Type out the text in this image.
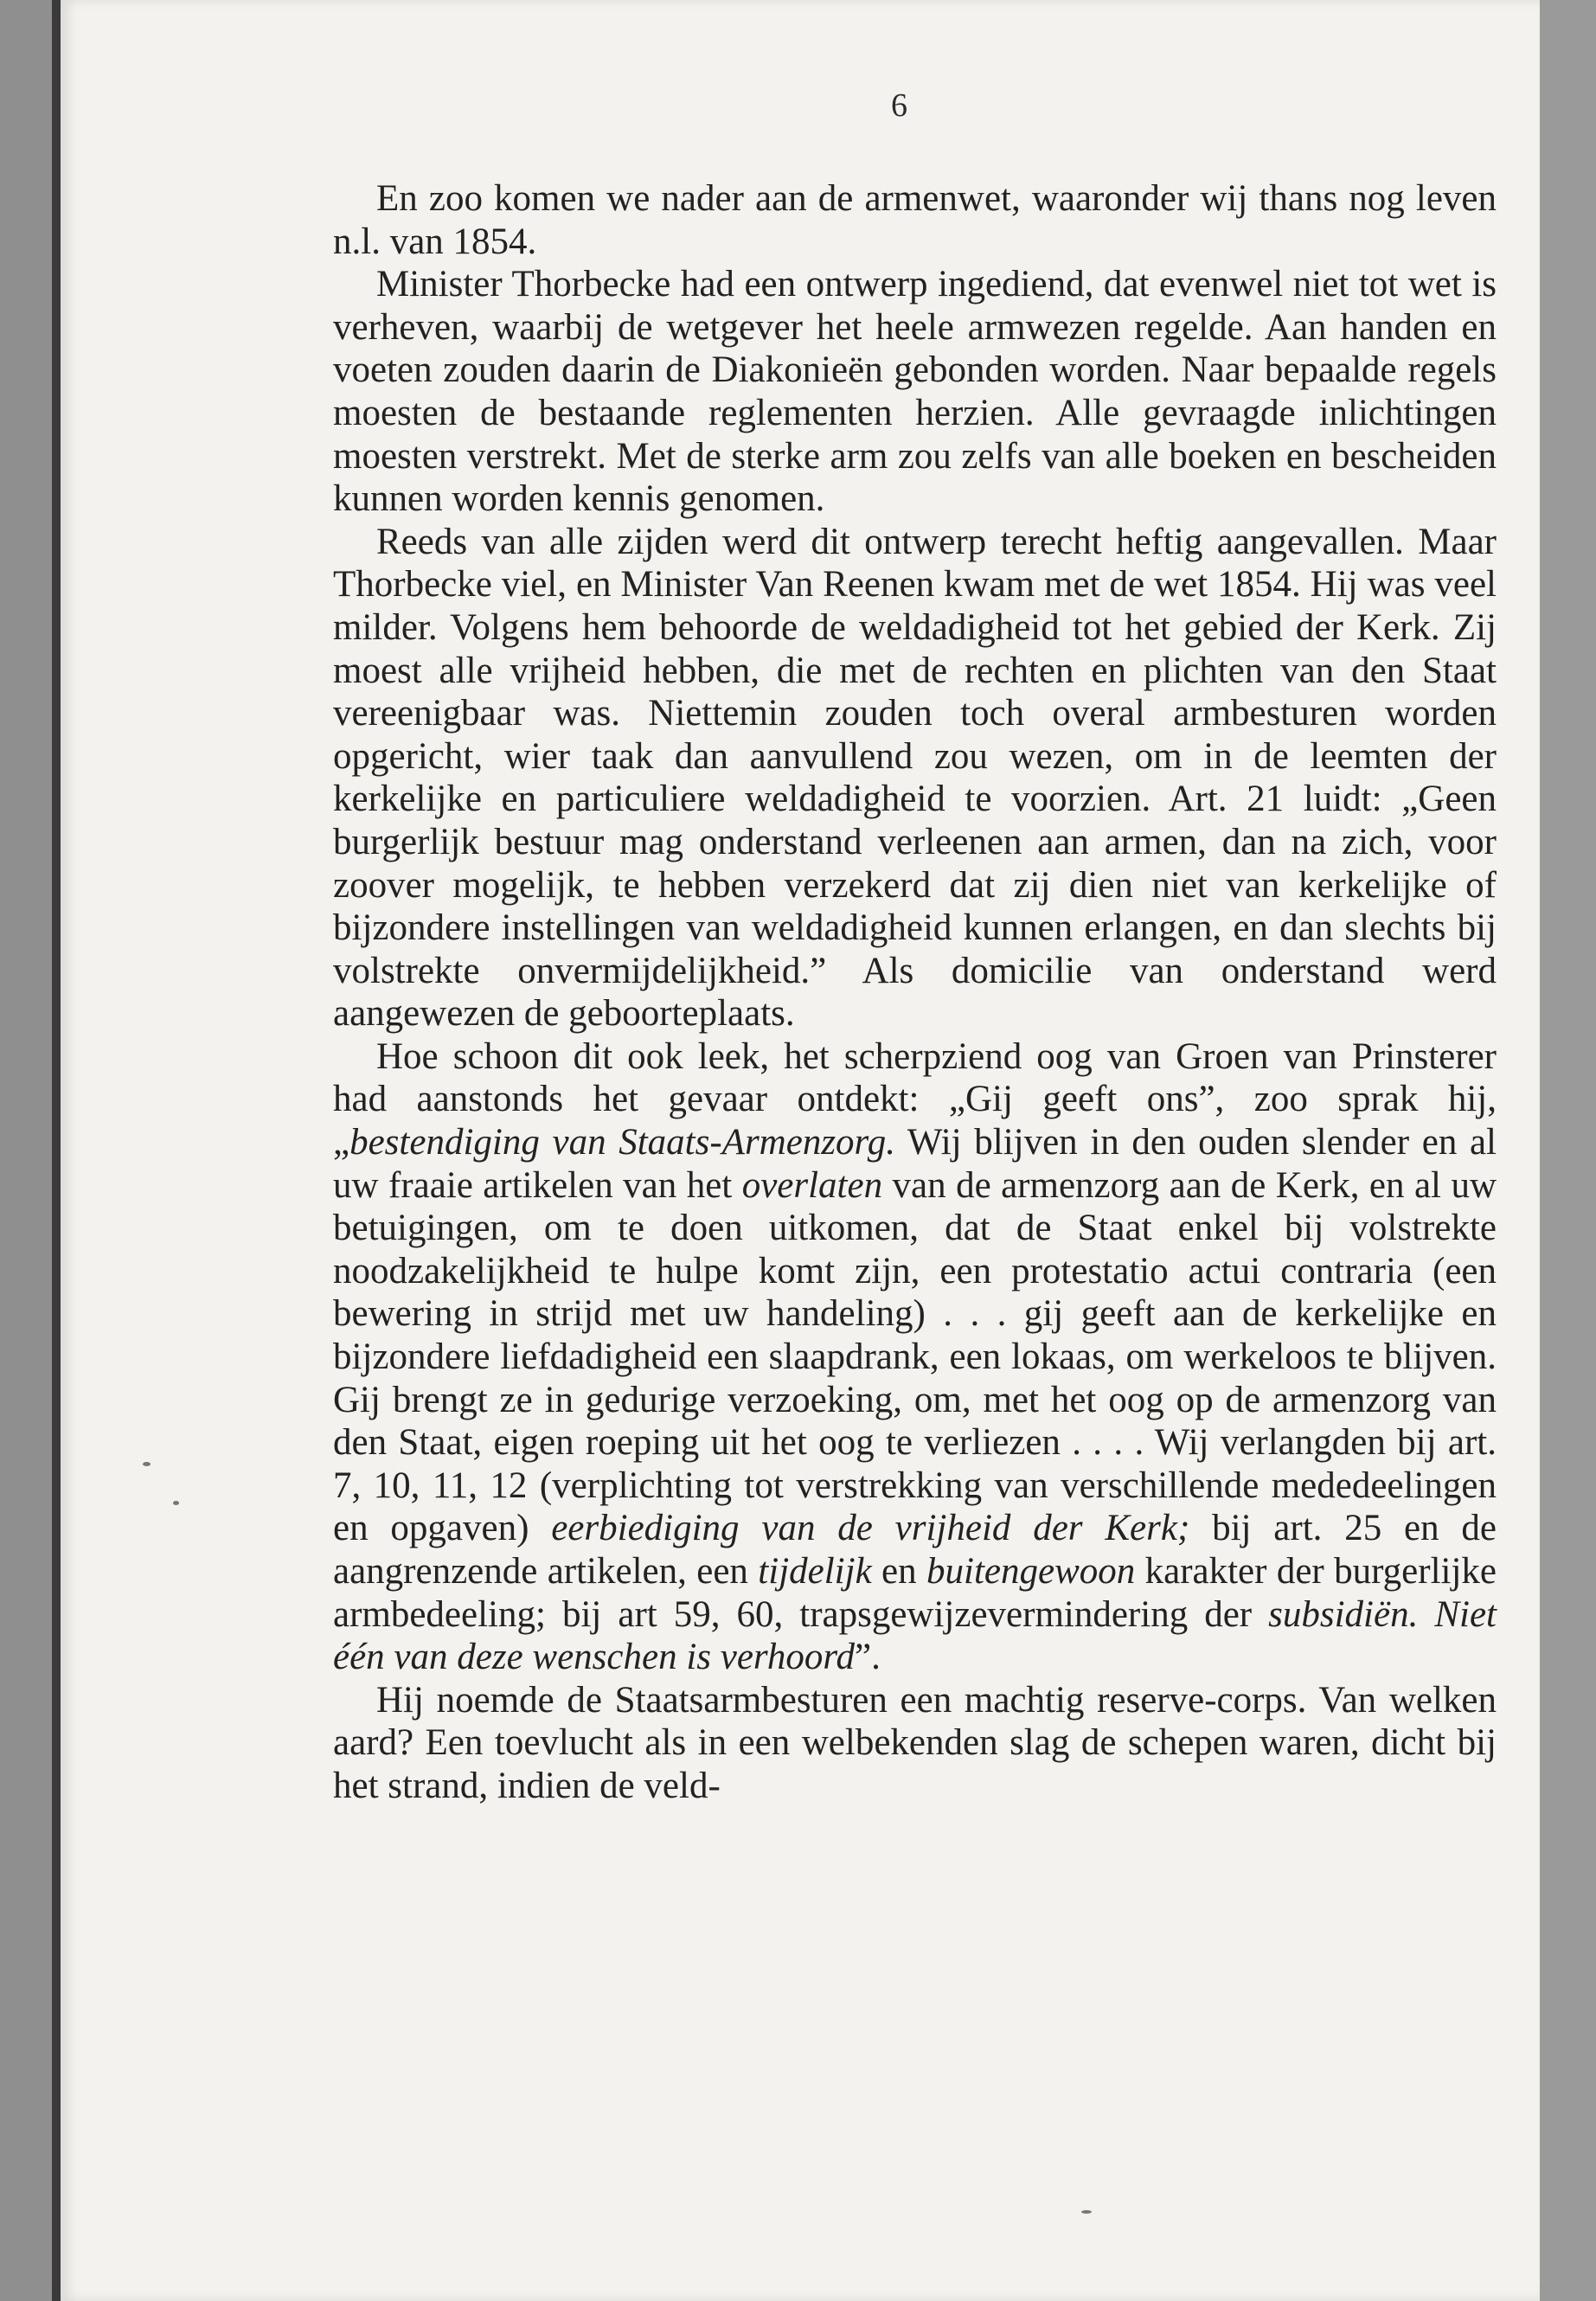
6

En zoo komen we nader aan de armenwet, waaronder wij thans nog leven n.l. van 1854.

Minister Thorbecke had een ontwerp ingediend, dat evenwel niet tot wet is verheven, waarbij de wetgever het heele armwezen regelde. Aan handen en voeten zouden daarin de Diakonieën gebonden worden. Naar bepaalde regels moesten de bestaande reglementen herzien. Alle gevraagde inlichtingen moesten verstrekt. Met de sterke arm zou zelfs van alle boeken en bescheiden kunnen worden kennis genomen.

Reeds van alle zijden werd dit ontwerp terecht heftig aangevallen. Maar Thorbecke viel, en Minister Van Reenen kwam met de wet 1854. Hij was veel milder. Volgens hem behoorde de weldadigheid tot het gebied der Kerk. Zij moest alle vrijheid hebben, die met de rechten en plichten van den Staat vereenigbaar was. Niettemin zouden toch overal armbesturen worden opgericht, wier taak dan aanvullend zou wezen, om in de leemten der kerkelijke en particuliere weldadigheid te voorzien. Art. 21 luidt: „Geen burgerlijk bestuur mag onderstand verleenen aan armen, dan na zich, voor zoover mogelijk, te hebben verzekerd dat zij dien niet van kerkelijke of bijzondere instellingen van weldadigheid kunnen erlangen, en dan slechts bij volstrekte onvermijdelijkheid.” Als domicilie van onderstand werd aangewezen de geboorteplaats.

Hoe schoon dit ook leek, het scherpziend oog van Groen van Prinsterer had aanstonds het gevaar ontdekt: „Gij geeft ons”, zoo sprak hij, „bestendiging van Staats-Armenzorg. Wij blijven in den ouden slender en al uw fraaie artikelen van het overlaten van de armenzorg aan de Kerk, en al uw betuigingen, om te doen uitkomen, dat de Staat enkel bij volstrekte noodzakelijkheid te hulpe komt zijn, een protestatio actui contraria (een bewering in strijd met uw handeling) . . . gij geeft aan de kerkelijke en bijzondere liefdadigheid een slaapdrank, een lokaas, om werkeloos te blijven. Gij brengt ze in gedurige verzoeking, om, met het oog op de armenzorg van den Staat, eigen roeping uit het oog te verliezen . . . . Wij verlangden bij art. 7, 10, 11, 12 (verplichting tot verstrekking van verschillende mededeelingen en opgaven) eerbiediging van de vrijheid der Kerk; bij art. 25 en de aangrenzende artikelen, een tijdelijk en buitengewoon karakter der burgerlijke armbedeeling; bij art 59, 60, trapsgewijzevermindering der subsidiën. Niet één van deze wenschen is verhoord”.

Hij noemde de Staatsarmbesturen een machtig reserve-corps. Van welken aard? Een toevlucht als in een welbekenden slag de schepen waren, dicht bij het strand, indien de veld-
